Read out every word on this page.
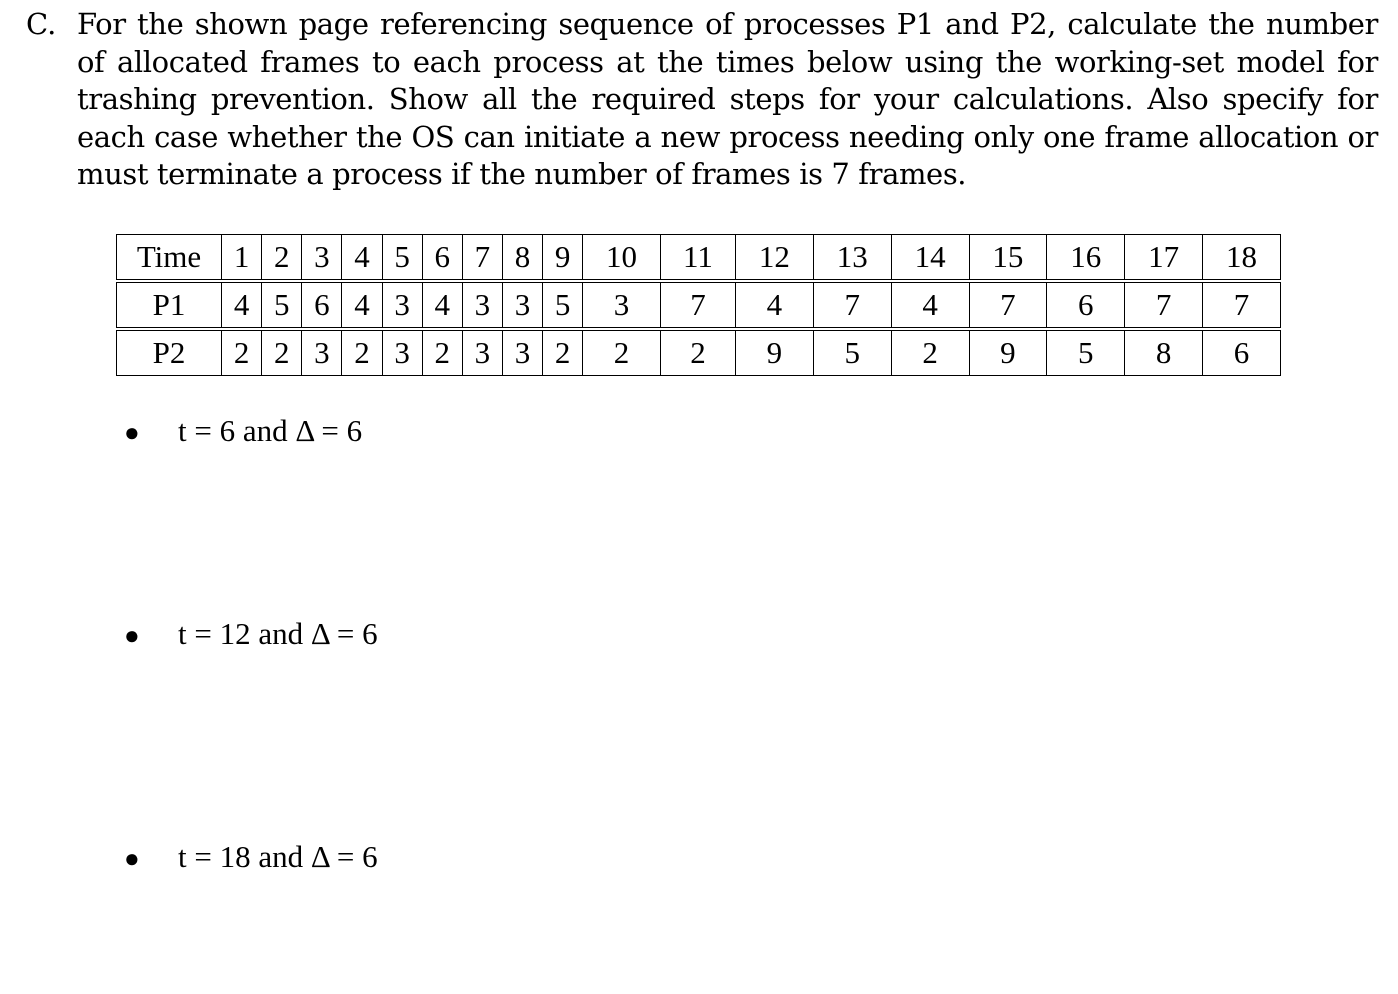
C. For the shown page referencing sequence of processes P1 and P2, calculate the number of allocated frames to each process at the times below using the working-set model for trashing prevention. Show all the required steps for your calculations. Also specify for each case whether the OS can initiate a new process needing only one frame allocation or must terminate a process if the number of frames is 7 frames.
Time	1	2	3	4	5	6	7	8	9	10	11	12	13	14	15	16	17	18
P1	4	5	6	4	3	4	3	3	5	3	7	4	7	4	7	6	7	7
P2	2	2	3	2	3	2	3	3	2	2	2	9	5	2	9	5	8	6
● t = 6 and Δ = 6
● t = 12 and Δ = 6
● t = 18 and Δ = 6
